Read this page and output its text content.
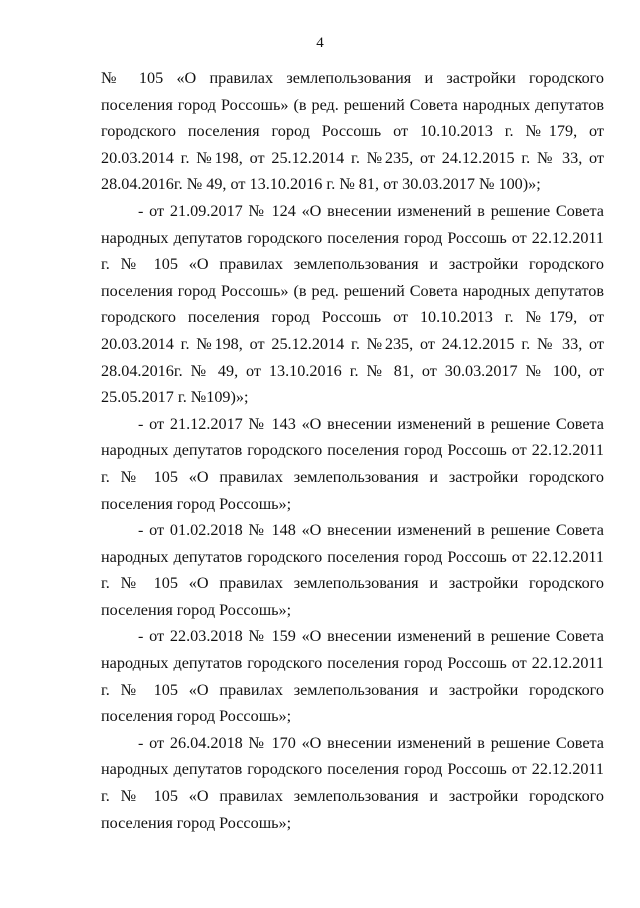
4

№ 105 «О правилах землепользования и застройки городского поселения город Россошь» (в ред. решений Совета народных депутатов городского поселения город Россошь от 10.10.2013 г. №179, от 20.03.2014 г. №198, от 25.12.2014 г. №235, от 24.12.2015 г. № 33, от 28.04.2016г. № 49, от 13.10.2016 г. № 81, от 30.03.2017 № 100)»;

- от 21.09.2017 № 124 «О внесении изменений в решение Совета народных депутатов городского поселения город Россошь от 22.12.2011 г. № 105 «О правилах землепользования и застройки городского поселения город Россошь» (в ред. решений Совета народных депутатов городского поселения город Россошь от 10.10.2013 г. №179, от 20.03.2014 г. №198, от 25.12.2014 г. №235, от 24.12.2015 г. № 33, от 28.04.2016г. № 49, от 13.10.2016 г. № 81, от 30.03.2017 № 100, от 25.05.2017 г. №109)»;

- от 21.12.2017 № 143 «О внесении изменений в решение Совета народных депутатов городского поселения город Россошь от 22.12.2011 г. № 105 «О правилах землепользования и застройки городского поселения город Россошь»;

- от 01.02.2018 № 148 «О внесении изменений в решение Совета народных депутатов городского поселения город Россошь от 22.12.2011 г. № 105 «О правилах землепользования и застройки городского поселения город Россошь»;

- от 22.03.2018 № 159 «О внесении изменений в решение Совета народных депутатов городского поселения город Россошь от 22.12.2011 г. № 105 «О правилах землепользования и застройки городского поселения город Россошь»;

- от 26.04.2018 № 170 «О внесении изменений в решение Совета народных депутатов городского поселения город Россошь от 22.12.2011 г. № 105 «О правилах землепользования и застройки городского поселения город Россошь»;
